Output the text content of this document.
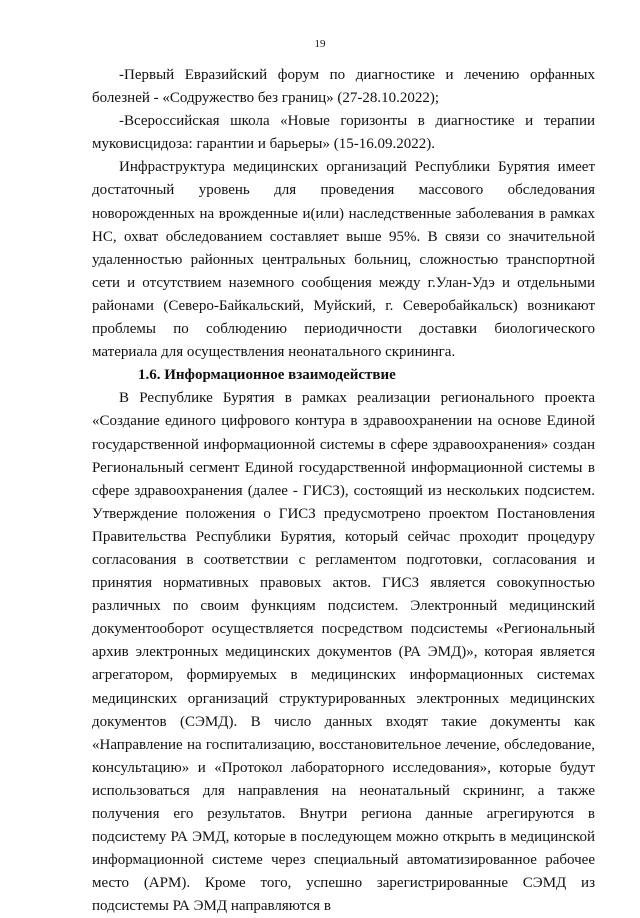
19

-Первый Евразийский форум по диагностике и лечению орфанных болезней - «Содружество без границ» (27-28.10.2022);

-Всероссийская школа «Новые горизонты в диагностике и терапии муковисцидоза: гарантии и барьеры» (15-16.09.2022).

Инфраструктура медицинских организаций Республики Бурятия имеет достаточный уровень для проведения массового обследования новорожденных на врожденные и(или) наследственные заболевания в рамках НС, охват обследованием составляет выше 95%. В связи со значительной удаленностью районных центральных больниц, сложностью транспортной сети и отсутствием наземного сообщения между г.Улан-Удэ и отдельными районами (Северо-Байкальский, Муйский, г. Северобайкальск) возникают проблемы по соблюдению периодичности доставки биологического материала для осуществления неонатального скрининга.

1.6. Информационное взаимодействие

В Республике Бурятия в рамках реализации регионального проекта «Создание единого цифрового контура в здравоохранении на основе Единой государственной информационной системы в сфере здравоохранения» создан Региональный сегмент Единой государственной информационной системы в сфере здравоохранения (далее - ГИСЗ), состоящий из нескольких подсистем. Утверждение положения о ГИСЗ предусмотрено проектом Постановления Правительства Республики Бурятия, который сейчас проходит процедуру согласования в соответствии с регламентом подготовки, согласования и принятия нормативных правовых актов. ГИСЗ является совокупностью различных по своим функциям подсистем. Электронный медицинский документооборот осуществляется посредством подсистемы «Региональный архив электронных медицинских документов (РА ЭМД)», которая является агрегатором, формируемых в медицинских информационных системах медицинских организаций структурированных электронных медицинских документов (СЭМД). В число данных входят такие документы как «Направление на госпитализацию, восстановительное лечение, обследование, консультацию» и «Протокол лабораторного исследования», которые будут использоваться для направления на неонатальный скрининг, а также получения его результатов. Внутри региона данные агрегируются в подсистему РА ЭМД, которые в последующем можно открыть в медицинской информационной системе через специальный автоматизированное рабочее место (АРМ). Кроме того, успешно зарегистрированные СЭМД из подсистемы РА ЭМД направляются в
